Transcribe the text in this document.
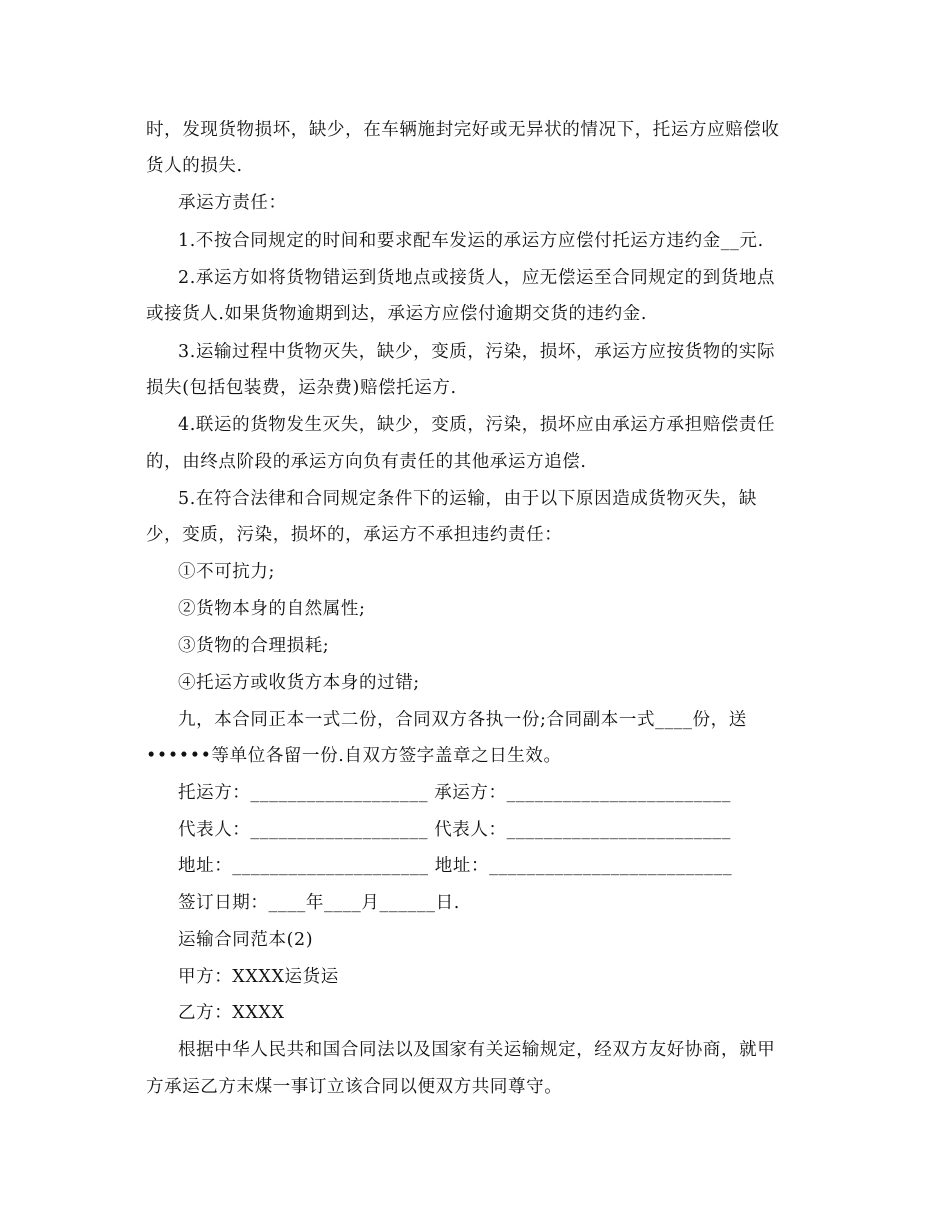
时，发现货物损坏，缺少，在车辆施封完好或无异状的情况下，托运方应赔偿收
货人的损失.
承运方责任：
1.不按合同规定的时间和要求配车发运的承运方应偿付托运方违约金__元.
2.承运方如将货物错运到货地点或接货人，应无偿运至合同规定的到货地点
或接货人.如果货物逾期到达，承运方应偿付逾期交货的违约金.
3.运输过程中货物灭失，缺少，变质，污染，损坏，承运方应按货物的实际
损失(包括包装费，运杂费)赔偿托运方.
4.联运的货物发生灭失，缺少，变质，污染，损坏应由承运方承担赔偿责任
的，由终点阶段的承运方向负有责任的其他承运方追偿.
5.在符合法律和合同规定条件下的运输，由于以下原因造成货物灭失，缺
少，变质，污染，损坏的，承运方不承担违约责任：
①不可抗力;
②货物本身的自然属性;
③货物的合理损耗;
④托运方或收货方本身的过错;
九，本合同正本一式二份，合同双方各执一份;合同副本一式____份，送
••••••等单位各留一份.自双方签字盖章之日生效。
托运方：___________________ 承运方：________________________
代表人：___________________ 代表人：________________________
地址：_____________________ 地址：__________________________
签订日期：____年____月______日.
运输合同范本(2)
甲方：XXXX运货运
乙方：XXXX
根据中华人民共和国合同法以及国家有关运输规定，经双方友好协商，就甲
方承运乙方末煤一事订立该合同以便双方共同尊守。
